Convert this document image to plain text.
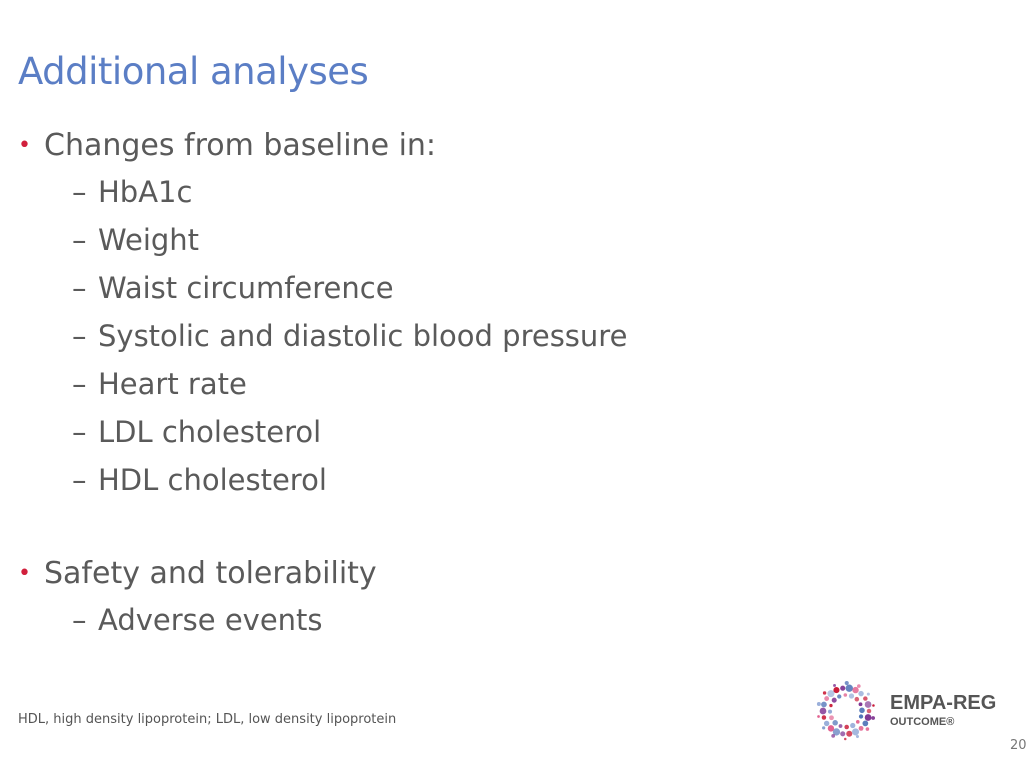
Additional analyses
• Changes from baseline in:
– HbA1c
– Weight
– Waist circumference
– Systolic and diastolic blood pressure
– Heart rate
– LDL cholesterol
– HDL cholesterol
• Safety and tolerability
– Adverse events
HDL, high density lipoprotein; LDL, low density lipoprotein
EMPA-REG
OUTCOME®
20
